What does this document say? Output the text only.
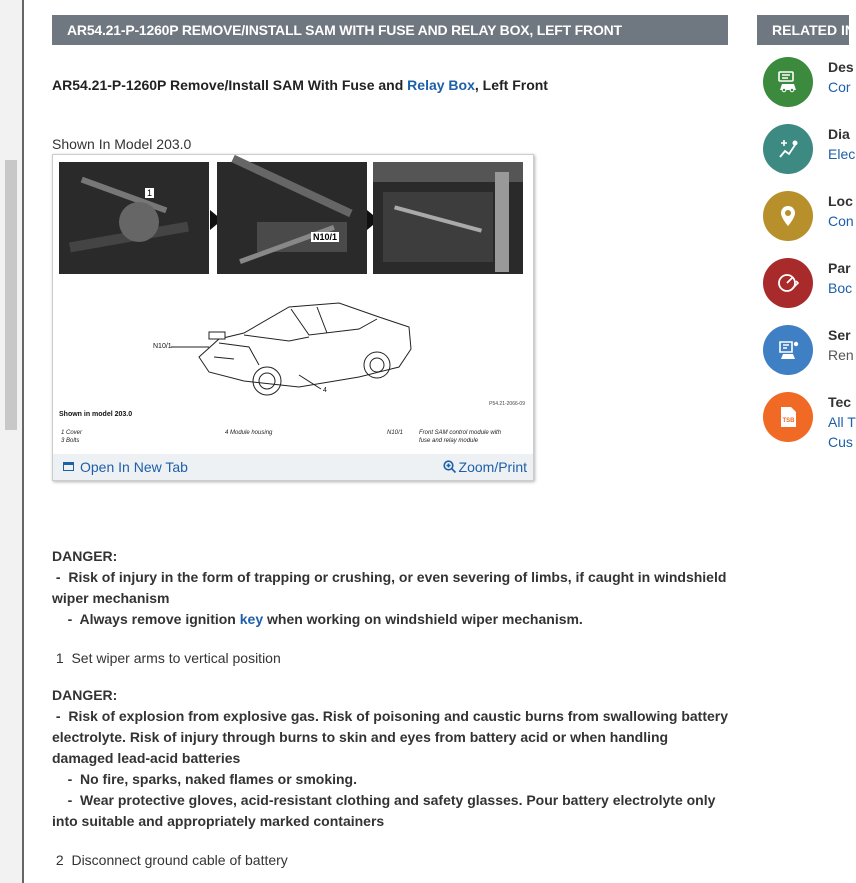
AR54.21-P-1260P REMOVE/INSTALL SAM WITH FUSE AND RELAY BOX, LEFT FRONT
AR54.21-P-1260P Remove/Install SAM With Fuse and Relay Box, Left Front
Shown In Model 203.0
1
N10/1
N10/1
4
P54.21-2066-09
Shown in model 203.0
1 Cover
3 Bolts
4 Module housing	N10/1	Front SAM control module with
fuse and relay module
Open In New Tab	Zoom/Print
DANGER:
-  Risk of injury in the form of trapping or crushing, or even severing of limbs, if caught in windshield wiper mechanism
-  Always remove ignition key when working on windshield wiper mechanism.
1  Set wiper arms to vertical position
DANGER:
-  Risk of explosion from explosive gas. Risk of poisoning and caustic burns from swallowing battery electrolyte. Risk of injury through burns to skin and eyes from battery acid or when handling damaged lead-acid batteries
-  No fire, sparks, naked flames or smoking.
-  Wear protective gloves, acid-resistant clothing and safety glasses. Pour battery electrolyte only into suitable and appropriately marked containers
2  Disconnect ground cable of battery
RELATED IN
Des
Cor
Dia
Elec
Loc
Con
Par
Boc
Ser
Ren
TSB
Tec
All T
Cus
